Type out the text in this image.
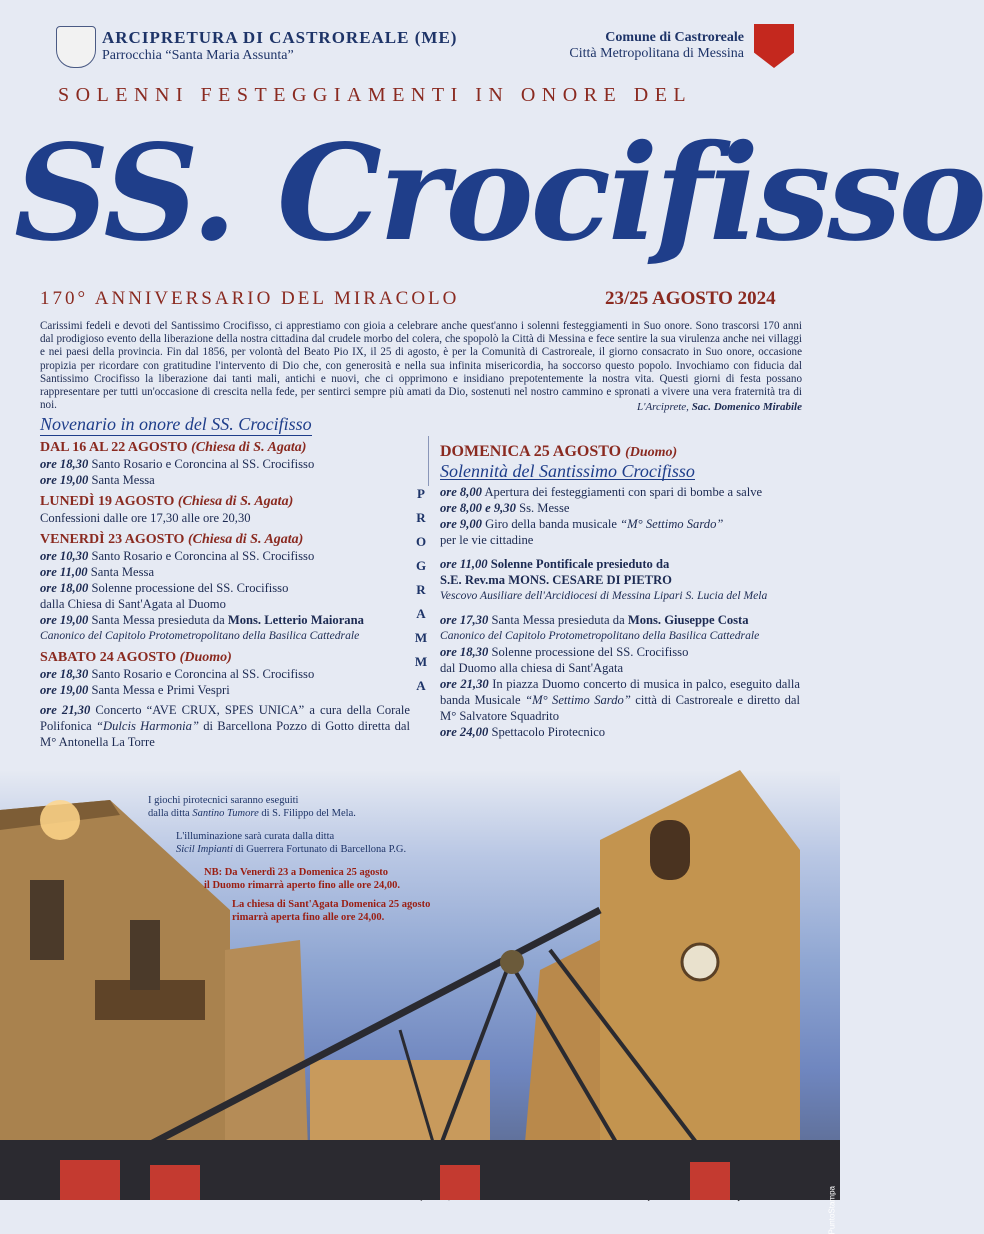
ARCIPRETURA DI CASTROREALE (ME)
Parrocchia “Santa Maria Assunta”
Comune di Castroreale
Città Metropolitana di Messina
SOLENNI FESTEGGIAMENTI IN ONORE DEL
SS. Crocifisso
170° ANNIVERSARIO DEL MIRACOLO	23/25 AGOSTO 2024
Carissimi fedeli e devoti del Santissimo Crocifisso, ci apprestiamo con gioia a celebrare anche quest'anno i solenni festeggiamenti in Suo onore. Sono trascorsi 170 anni dal prodigioso evento della liberazione della nostra cittadina dal crudele morbo del colera, che spopolò la Città di Messina e fece sentire la sua virulenza anche nei villaggi e nei paesi della provincia. Fin dal 1856, per volontà del Beato Pio IX, il 25 di agosto, è per la Comunità di Castroreale, il giorno consacrato in Suo onore, occasione propizia per ricordare con gratitudine l'intervento di Dio che, con generosità e nella sua infinita misericordia, ha soccorso questo popolo. Invochiamo con fiducia dal Santissimo Crocifisso la liberazione dai tanti mali, antichi e nuovi, che ci opprimono e insidiano prepotentemente la nostra vita. Questi giorni di festa possano rappresentare per tutti un'occasione di crescita nella fede, per sentirci sempre più amati da Dio, sostenuti nel nostro cammino e spronati a vivere una vera fraternità tra di noi.	L'Arciprete, Sac. Domenico Mirabile
Novenario in onore del SS. Crocifisso
DAL 16 AL 22 AGOSTO (Chiesa di S. Agata)
ore 18,30 Santo Rosario e Coroncina al SS. Crocifisso
ore 19,00 Santa Messa
LUNEDÌ 19 AGOSTO (Chiesa di S. Agata)
Confessioni dalle ore 17,30 alle ore 20,30
VENERDÌ 23 AGOSTO (Chiesa di S. Agata)
ore 10,30 Santo Rosario e Coroncina al SS. Crocifisso
ore 11,00 Santa Messa
ore 18,00 Solenne processione del SS. Crocifisso
dalla Chiesa di Sant'Agata al Duomo
ore 19,00 Santa Messa presieduta da Mons. Letterio Maiorana
Canonico del Capitolo Protometropolitano della Basilica Cattedrale
SABATO 24 AGOSTO (Duomo)
ore 18,30 Santo Rosario e Coroncina al SS. Crocifisso
ore 19,00 Santa Messa e Primi Vespri
ore 21,30 Concerto “AVE CRUX, SPES UNICA” a cura della Corale Polifonica “Dulcis Harmonia” di Barcellona Pozzo di Gotto diretta dal M° Antonella La Torre
P
R
O
G
R
A
M
M
A
DOMENICA 25 AGOSTO (Duomo)
Solennità del Santissimo Crocifisso
ore 8,00 Apertura dei festeggiamenti con spari di bombe a salve
ore 8,00 e 9,30 Ss. Messe
ore 9,00 Giro della banda musicale “M° Settimo Sardo”
per le vie cittadine
ore 11,00 Solenne Pontificale presieduto da
S.E. Rev.ma MONS. CESARE DI PIETRO
Vescovo Ausiliare dell'Arcidiocesi di Messina Lipari S. Lucia del Mela
ore 17,30 Santa Messa presieduta da Mons. Giuseppe Costa
Canonico del Capitolo Protometropolitano della Basilica Cattedrale
ore 18,30 Solenne processione del SS. Crocifisso
dal Duomo alla chiesa di Sant'Agata
ore 21,30 In piazza Duomo concerto di musica in palco, eseguito dalla banda Musicale “M° Settimo Sardo” città di Castroreale e diretto dal M° Salvatore Squadrito
ore 24,00 Spettacolo Pirotecnico
I giochi pirotecnici saranno eseguiti
dalla ditta Santino Tumore di S. Filippo del Mela.
L'illuminazione sarà curata dalla ditta
Sicil Impianti di Guerrera Fortunato di Barcellona P.G.
NB: Da Venerdì 23 a Domenica 25 agosto
il Duomo rimarrà aperto fino alle ore 24,00.
La chiesa di Sant'Agata Domenica 25 agosto
rimarrà aperta fino alle ore 24,00.
PuntoStampa
